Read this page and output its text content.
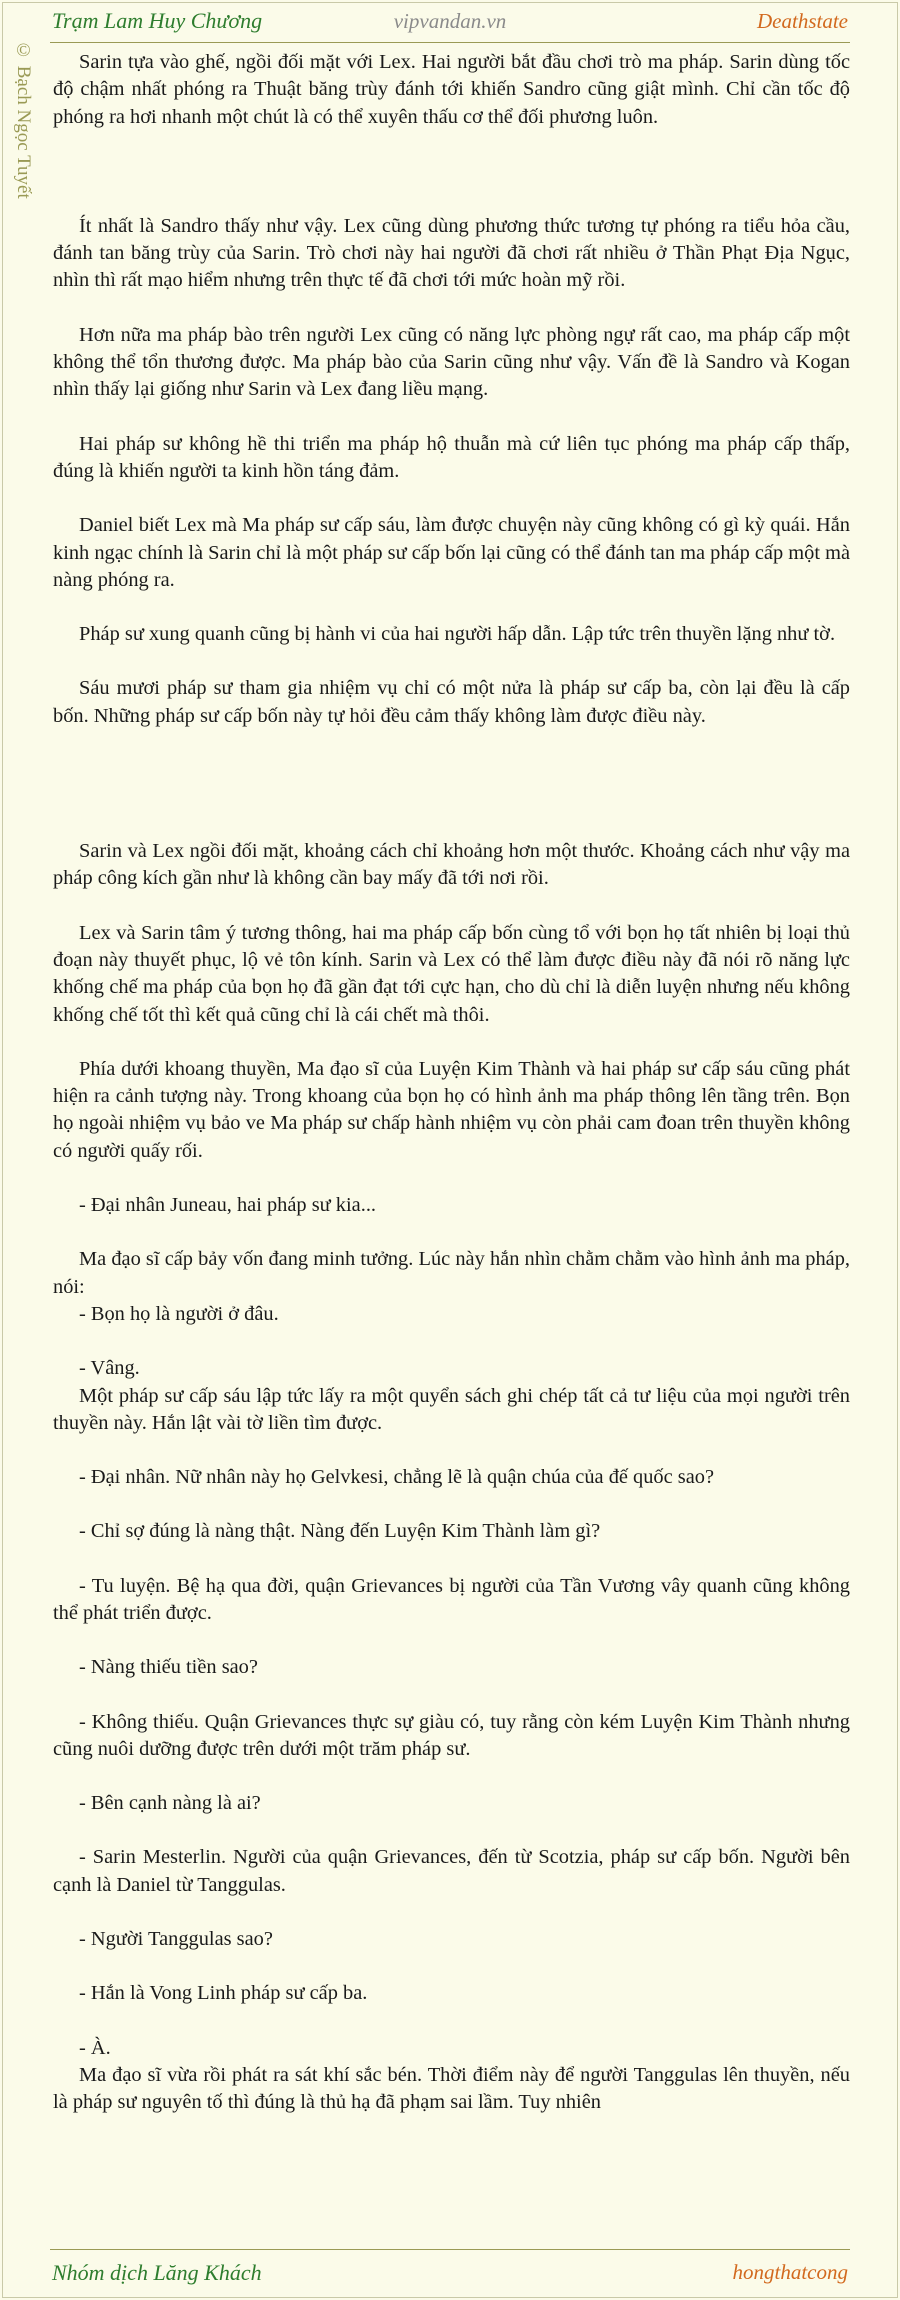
vipvandan.vn
Trạm Lam Huy Chương	Deathstate
© Bạch Ngọc Tuyết	Sarin tựa vào ghế, ngồi đối mặt với Lex. Hai người bắt đầu chơi trò ma pháp. Sarin dùng tốc độ chậm nhất phóng ra Thuật băng trùy đánh tới khiến Sandro cũng giật mình. Chỉ cần tốc độ phóng ra hơi nhanh một chút là có thể xuyên thấu cơ thể đối phương luôn.

Ít nhất là Sandro thấy như vậy. Lex cũng dùng phương thức tương tự phóng ra tiểu hỏa cầu, đánh tan băng trùy của Sarin. Trò chơi này hai người đã chơi rất nhiều ở Thần Phạt Địa Ngục, nhìn thì rất mạo hiểm nhưng trên thực tế đã chơi tới mức hoàn mỹ rồi.

Hơn nữa ma pháp bào trên người Lex cũng có năng lực phòng ngự rất cao, ma pháp cấp một không thể tổn thương được. Ma pháp bào của Sarin cũng như vậy. Vấn đề là Sandro và Kogan nhìn thấy lại giống như Sarin và Lex đang liều mạng.

Hai pháp sư không hề thi triển ma pháp hộ thuẫn mà cứ liên tục phóng ma pháp cấp thấp, đúng là khiến người ta kinh hồn táng đảm.

Daniel biết Lex mà Ma pháp sư cấp sáu, làm được chuyện này cũng không có gì kỳ quái. Hắn kinh ngạc chính là Sarin chỉ là một pháp sư cấp bốn lại cũng có thể đánh tan ma pháp cấp một mà nàng phóng ra.

Pháp sư xung quanh cũng bị hành vi của hai người hấp dẫn. Lập tức trên thuyền lặng như tờ.

Sáu mươi pháp sư tham gia nhiệm vụ chỉ có một nửa là pháp sư cấp ba, còn lại đều là cấp bốn. Những pháp sư cấp bốn này tự hỏi đều cảm thấy không làm được điều này.

Sarin và Lex ngồi đối mặt, khoảng cách chỉ khoảng hơn một thước. Khoảng cách như vậy ma pháp công kích gần như là không cần bay mấy đã tới nơi rồi.

Lex và Sarin tâm ý tương thông, hai ma pháp cấp bốn cùng tổ với bọn họ tất nhiên bị loại thủ đoạn này thuyết phục, lộ vẻ tôn kính. Sarin và Lex có thể làm được điều này đã nói rõ năng lực khống chế ma pháp của bọn họ đã gần đạt tới cực hạn, cho dù chỉ là diễn luyện nhưng nếu không khống chế tốt thì kết quả cũng chỉ là cái chết mà thôi.

Phía dưới khoang thuyền, Ma đạo sĩ của Luyện Kim Thành và hai pháp sư cấp sáu cũng phát hiện ra cảnh tượng này. Trong khoang của bọn họ có hình ảnh ma pháp thông lên tầng trên. Bọn họ ngoài nhiệm vụ bảo ve Ma pháp sư chấp hành nhiệm vụ còn phải cam đoan trên thuyền không có người quấy rối.

- Đại nhân Juneau, hai pháp sư kia...

Ma đạo sĩ cấp bảy vốn đang minh tưởng. Lúc này hắn nhìn chằm chằm vào hình ảnh ma pháp, nói:

- Bọn họ là người ở đâu.

- Vâng.

Một pháp sư cấp sáu lập tức lấy ra một quyển sách ghi chép tất cả tư liệu của mọi người trên thuyền này. Hắn lật vài tờ liền tìm được.

- Đại nhân. Nữ nhân này họ Gelvkesi, chẳng lẽ là quận chúa của đế quốc sao?

- Chỉ sợ đúng là nàng thật. Nàng đến Luyện Kim Thành làm gì?

- Tu luyện. Bệ hạ qua đời, quận Grievances bị người của Tần Vương vây quanh cũng không thể phát triển được.

- Nàng thiếu tiền sao?

- Không thiếu. Quận Grievances thực sự giàu có, tuy rằng còn kém Luyện Kim Thành nhưng cũng nuôi dưỡng được trên dưới một trăm pháp sư.

- Bên cạnh nàng là ai?

- Sarin Mesterlin. Người của quận Grievances, đến từ Scotzia, pháp sư cấp bốn. Người bên cạnh là Daniel từ Tanggulas.

- Người Tanggulas sao?

- Hắn là Vong Linh pháp sư cấp ba.

- À.

Ma đạo sĩ vừa rồi phát ra sát khí sắc bén. Thời điểm này để người Tanggulas lên thuyền, nếu là pháp sư nguyên tố thì đúng là thủ hạ đã phạm sai lầm. Tuy nhiên

Nhóm dịch Lăng Khách	hongthatcong
